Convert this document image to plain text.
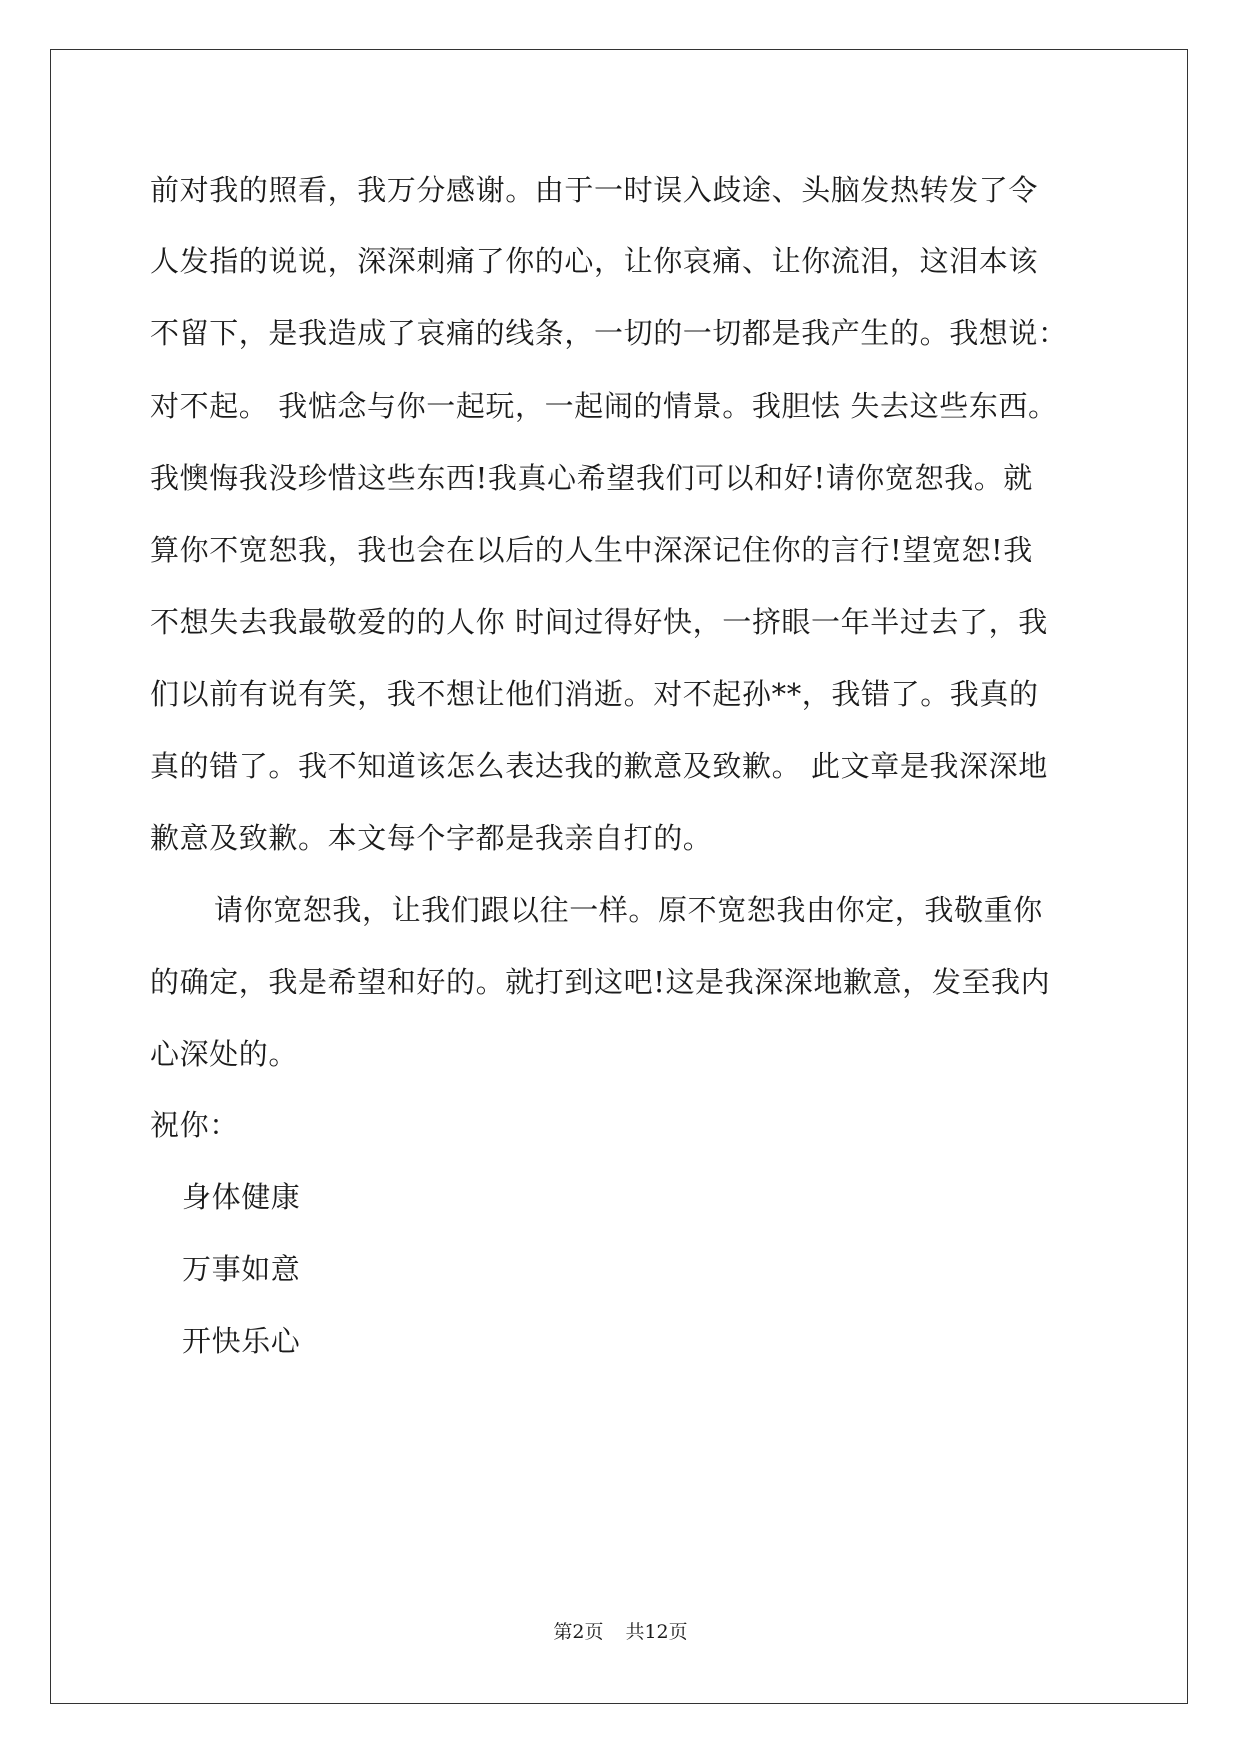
前对我的照看，我万分感谢。由于一时误入歧途、头脑发热转发了令
人发指的说说，深深刺痛了你的心，让你哀痛、让你流泪，这泪本该
不留下，是我造成了哀痛的线条，一切的一切都是我产生的。我想说：
对不起。 我惦念与你一起玩，一起闹的情景。我胆怯 失去这些东西。
我懊悔我没珍惜这些东西!我真心希望我们可以和好!请你宽恕我。就
算你不宽恕我，我也会在以后的人生中深深记住你的言行!望宽恕!我
不想失去我最敬爱的的人你 时间过得好快，一挤眼一年半过去了，我
们以前有说有笑，我不想让他们消逝。对不起孙**，我错了。我真的
真的错了。我不知道该怎么表达我的歉意及致歉。 此文章是我深深地
歉意及致歉。本文每个字都是我亲自打的。
请你宽恕我，让我们跟以往一样。原不宽恕我由你定，我敬重你
的确定，我是希望和好的。就打到这吧!这是我深深地歉意，发至我内
心深处的。
祝你：
身体健康
万事如意
开快乐心
第2页 共12页
